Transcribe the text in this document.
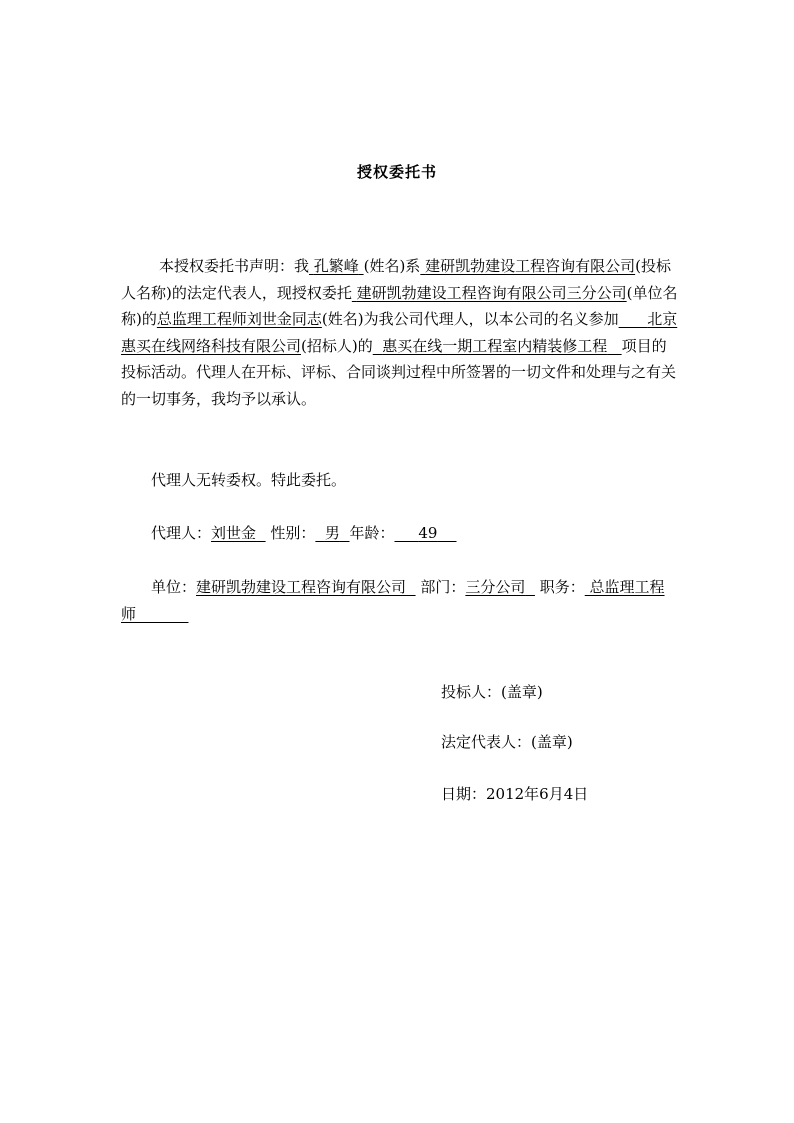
授权委托书
本授权委托书声明：我 孔繁峰 (姓名)系 建研凯勃建设工程咨询有限公司(投标人名称)的法定代表人，现授权委托 建研凯勃建设工程咨询有限公司三分公司(单位名称)的总监理工程师刘世金同志(姓名)为我公司代理人，以本公司的名义参加 北京惠买在线网络科技有限公司(招标人)的 惠买在线一期工程室内精装修工程 项目的投标活动。代理人在开标、评标、合同谈判过程中所签署的一切文件和处理与之有关的一切事务，我均予以承认。
代理人无转委权。特此委托。
代理人：刘世金 性别： 男 年龄： 49
单位：建研凯勃建设工程咨询有限公司 部门：三分公司 职务： 总监理工程师
投标人：(盖章)
法定代表人：(盖章)
日期：2012年6月4日
